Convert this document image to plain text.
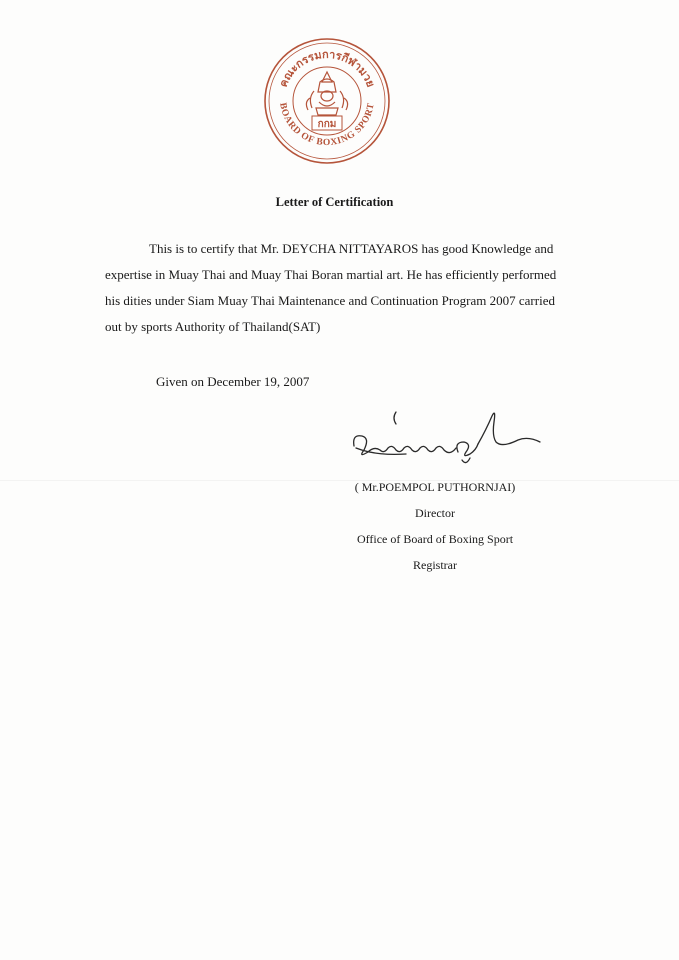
คณะกรรมการกีฬามวย
BOARD OF BOXING SPORT
กกม
Letter of Certification
This is to certify that Mr. DEYCHA NITTAYAROS has good Knowledge and
expertise in Muay Thai and Muay Thai Boran martial art. He has efficiently performed
his dities under Siam Muay Thai Maintenance and Continuation Program 2007 carried
out by sports Authority of Thailand(SAT)
Given on December 19, 2007
( Mr.POEMPOL PUTHORNJAI)
Director
Office of Board of Boxing Sport
Registrar
